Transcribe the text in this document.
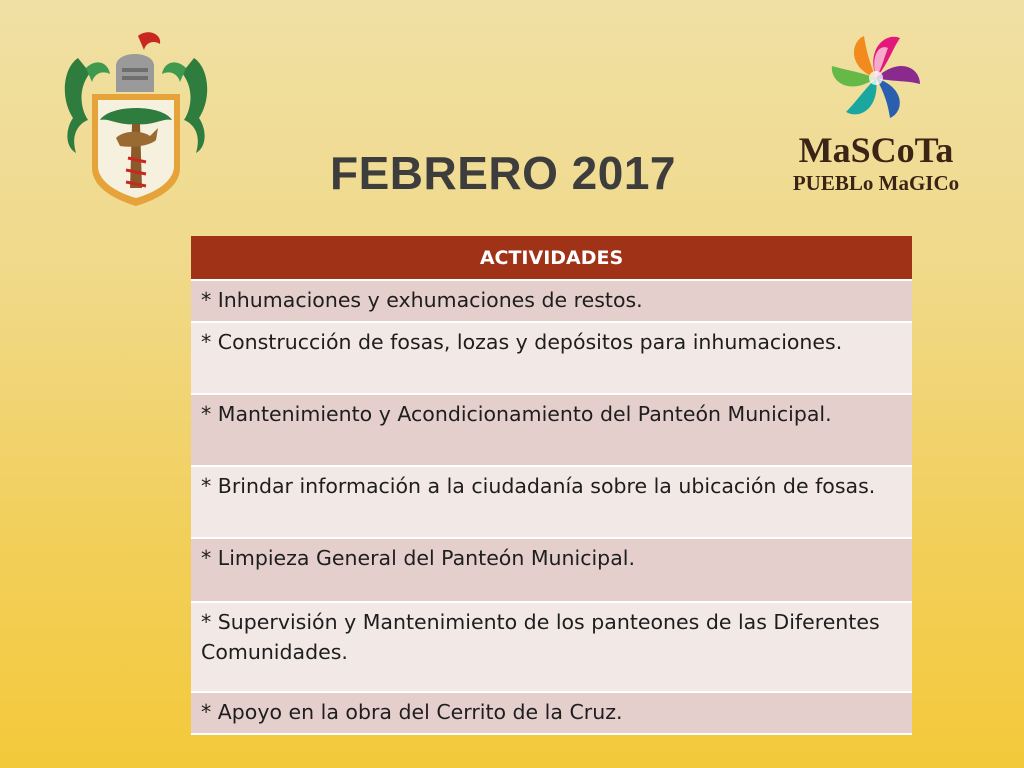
MaSCoTa
PUEBLo MaGICo
FEBRERO 2017
ACTIVIDADES
* Inhumaciones y exhumaciones de restos.
* Construcción de fosas, lozas y depósitos para inhumaciones.
* Mantenimiento y Acondicionamiento del Panteón Municipal.
* Brindar información a la ciudadanía sobre la ubicación de fosas.
* Limpieza General del Panteón Municipal.
* Supervisión y Mantenimiento de los panteones de las Diferentes Comunidades.
* Apoyo en la obra del Cerrito de la Cruz.
